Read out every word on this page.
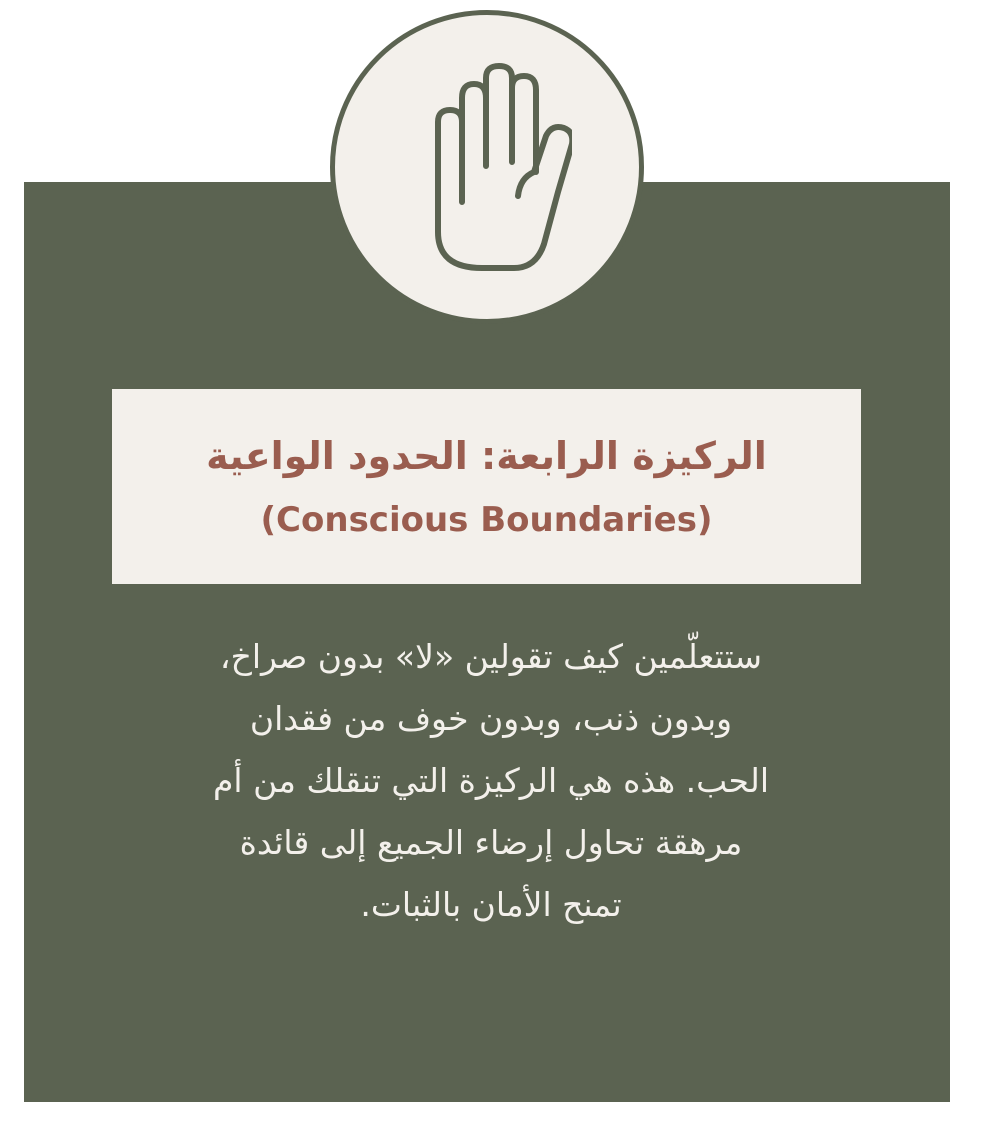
الركيزة الرابعة: الحدود الواعية
(Conscious Boundaries)
ستتعلّمين كيف تقولين «لا» بدون صراخ،
وبدون ذنب، وبدون خوف من فقدان
الحب. هذه هي الركيزة التي تنقلك من أم
مرهقة تحاول إرضاء الجميع إلى قائدة
تمنح الأمان بالثبات.
